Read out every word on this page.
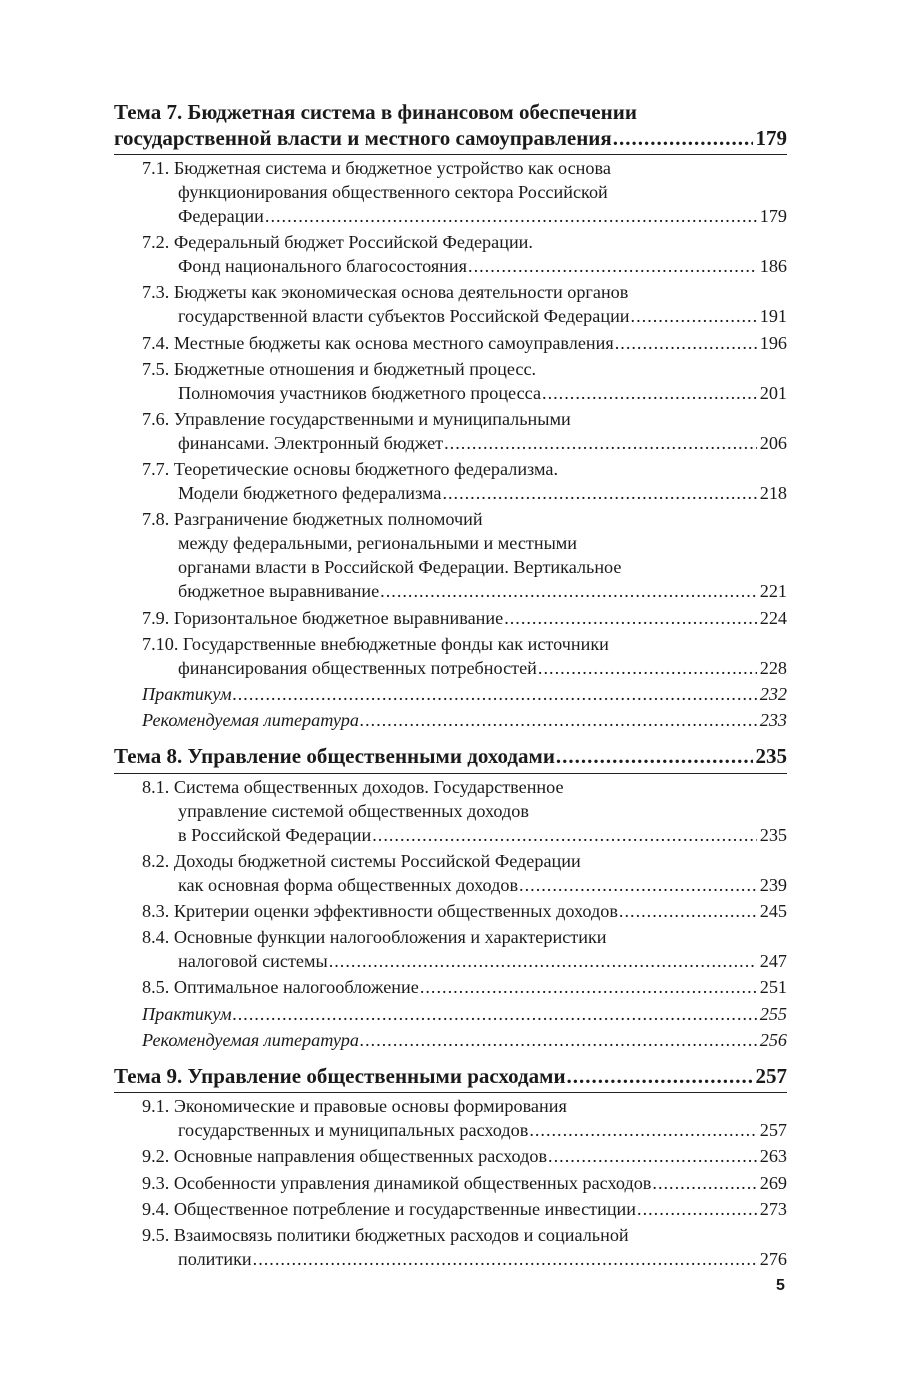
Тема 7. Бюджетная система в финансовом обеспечении
государственной власти и местного самоуправления .....	179
7.1. Бюджетная система и бюджетное устройство как основа
функционирования общественного сектора Российской
Федерации .....	179
7.2. Федеральный бюджет Российской Федерации.
Фонд национального благосостояния .....	186
7.3. Бюджеты как экономическая основа деятельности органов
государственной власти субъектов Российской Федерации .....	191
7.4. Местные бюджеты как основа местного самоуправления .....	196
7.5. Бюджетные отношения и бюджетный процесс.
Полномочия участников бюджетного процесса .....	201
7.6. Управление государственными и муниципальными
финансами. Электронный бюджет .....	206
7.7. Теоретические основы бюджетного федерализма.
Модели бюджетного федерализма .....	218
7.8. Разграничение бюджетных полномочий
между федеральными, региональными и местными
органами власти в Российской Федерации. Вертикальное
бюджетное выравнивание .....	221
7.9. Горизонтальное бюджетное выравнивание .....	224
7.10. Государственные внебюджетные фонды как источники
финансирования общественных потребностей .....	228
Практикум .....	232
Рекомендуемая литература .....	233
Тема 8. Управление общественными доходами .....	235
8.1. Система общественных доходов. Государственное
управление системой общественных доходов
в Российской Федерации .....	235
8.2. Доходы бюджетной системы Российской Федерации
как основная форма общественных доходов .....	239
8.3. Критерии оценки эффективности общественных доходов .....	245
8.4. Основные функции налогообложения и характеристики
налоговой системы .....	247
8.5. Оптимальное налогообложение .....	251
Практикум .....	255
Рекомендуемая литература .....	256
Тема 9. Управление общественными расходами .....	257
9.1. Экономические и правовые основы формирования
государственных и муниципальных расходов .....	257
9.2. Основные направления общественных расходов .....	263
9.3. Особенности управления динамикой общественных расходов .....	269
9.4. Общественное потребление и государственные инвестиции .....	273
9.5. Взаимосвязь политики бюджетных расходов и социальной
политики .....	276
5
